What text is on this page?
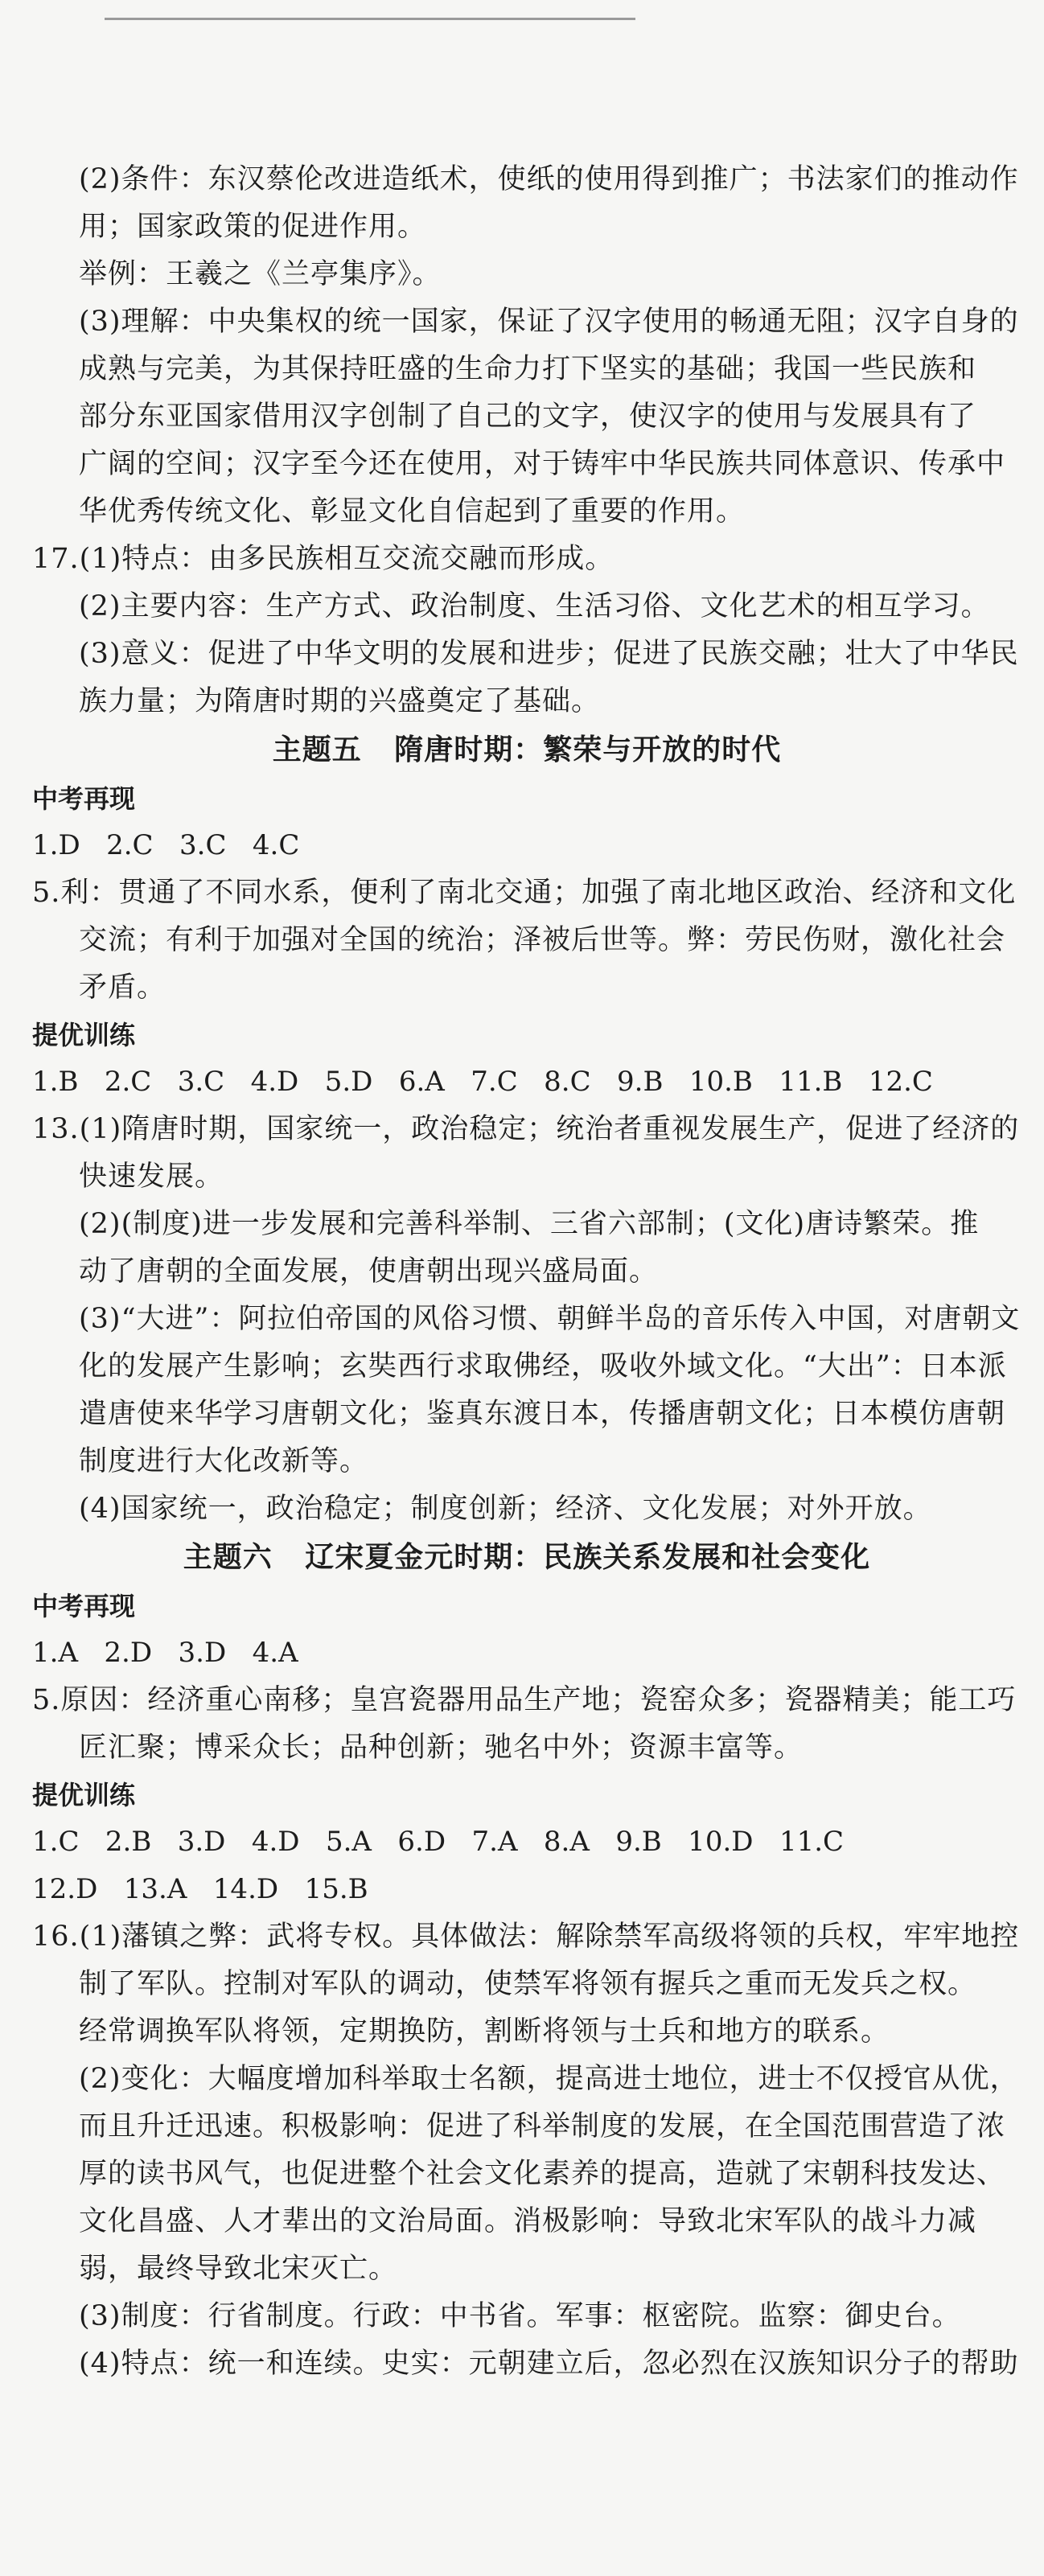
(2)条件：东汉蔡伦改进造纸术，使纸的使用得到推广；书法家们的推动作
用；国家政策的促进作用。
举例：王羲之《兰亭集序》。
(3)理解：中央集权的统一国家，保证了汉字使用的畅通无阻；汉字自身的
成熟与完美，为其保持旺盛的生命力打下坚实的基础；我国一些民族和
部分东亚国家借用汉字创制了自己的文字，使汉字的使用与发展具有了
广阔的空间；汉字至今还在使用，对于铸牢中华民族共同体意识、传承中
华优秀传统文化、彰显文化自信起到了重要的作用。
17.(1)特点：由多民族相互交流交融而形成。
(2)主要内容：生产方式、政治制度、生活习俗、文化艺术的相互学习。
(3)意义：促进了中华文明的发展和进步；促进了民族交融；壮大了中华民
族力量；为隋唐时期的兴盛奠定了基础。
主题五   隋唐时期：繁荣与开放的时代
中考再现
1.D   2.C   3.C   4.C
5.利：贯通了不同水系，便利了南北交通；加强了南北地区政治、经济和文化
交流；有利于加强对全国的统治；泽被后世等。弊：劳民伤财，激化社会
矛盾。
提优训练
1.B   2.C   3.C   4.D   5.D   6.A   7.C   8.C   9.B   10.B   11.B   12.C
13.(1)隋唐时期，国家统一，政治稳定；统治者重视发展生产，促进了经济的
快速发展。
(2)(制度)进一步发展和完善科举制、三省六部制；(文化)唐诗繁荣。推
动了唐朝的全面发展，使唐朝出现兴盛局面。
(3)“大进”：阿拉伯帝国的风俗习惯、朝鲜半岛的音乐传入中国，对唐朝文
化的发展产生影响；玄奘西行求取佛经，吸收外域文化。“大出”：日本派
遣唐使来华学习唐朝文化；鉴真东渡日本，传播唐朝文化；日本模仿唐朝
制度进行大化改新等。
(4)国家统一，政治稳定；制度创新；经济、文化发展；对外开放。
主题六   辽宋夏金元时期：民族关系发展和社会变化
中考再现
1.A   2.D   3.D   4.A
5.原因：经济重心南移；皇宫瓷器用品生产地；瓷窑众多；瓷器精美；能工巧
匠汇聚；博采众长；品种创新；驰名中外；资源丰富等。
提优训练
1.C   2.B   3.D   4.D   5.A   6.D   7.A   8.A   9.B   10.D   11.C
12.D   13.A   14.D   15.B
16.(1)藩镇之弊：武将专权。具体做法：解除禁军高级将领的兵权，牢牢地控
制了军队。控制对军队的调动，使禁军将领有握兵之重而无发兵之权。
经常调换军队将领，定期换防，割断将领与士兵和地方的联系。
(2)变化：大幅度增加科举取士名额，提高进士地位，进士不仅授官从优，
而且升迁迅速。积极影响：促进了科举制度的发展，在全国范围营造了浓
厚的读书风气，也促进整个社会文化素养的提高，造就了宋朝科技发达、
文化昌盛、人才辈出的文治局面。消极影响：导致北宋军队的战斗力减
弱，最终导致北宋灭亡。
(3)制度：行省制度。行政：中书省。军事：枢密院。监察：御史台。
(4)特点：统一和连续。史实：元朝建立后，忽必烈在汉族知识分子的帮助
